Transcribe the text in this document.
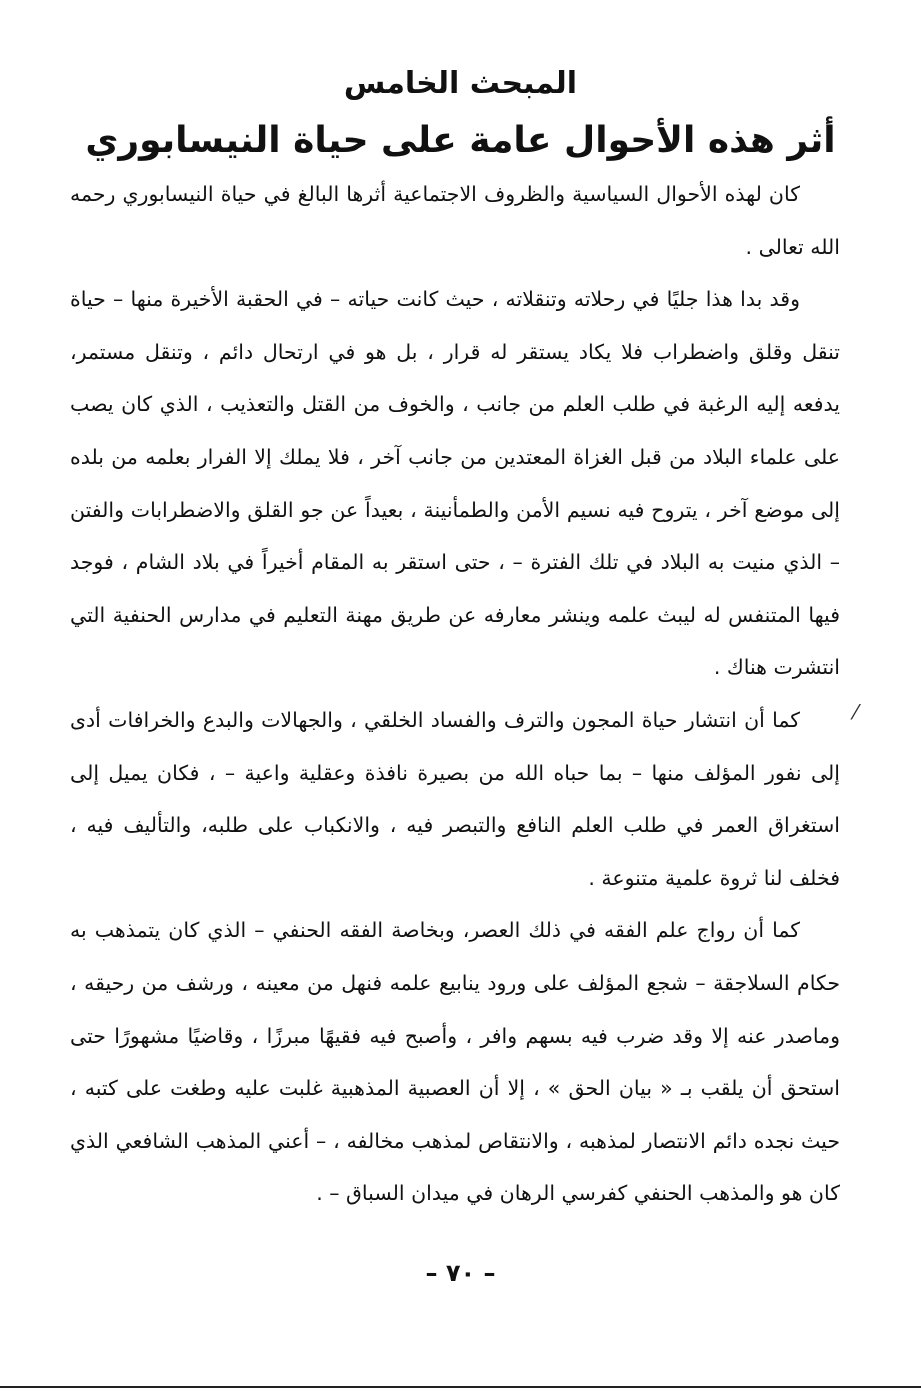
المبحث الخامس
أثر هذه الأحوال عامة على حياة النيسابوري

كان لهذه الأحوال السياسية والظروف الاجتماعية أثرها البالغ في حياة النيسابوري رحمه الله تعالى .

وقد بدا هذا جليًا في رحلاته وتنقلاته ، حيث كانت حياته – في الحقبة الأخيرة منها – حياة تنقل وقلق واضطراب فلا يكاد يستقر له قرار ، بل هو في ارتحال دائم ، وتنقل مستمر، يدفعه إليه الرغبة في طلب العلم من جانب ، والخوف من القتل والتعذيب ، الذي كان يصب على علماء البلاد من قبل الغزاة المعتدين من جانب آخر ، فلا يملك إلا الفرار بعلمه من بلده إلى موضع آخر ، يتروح فيه نسيم الأمن والطمأنينة ، بعيداً عن جو القلق والاضطرابات والفتن – الذي منيت به البلاد في تلك الفترة – ، حتى استقر به المقام أخيراً في بلاد الشام ، فوجد فيها المتنفس له ليبث علمه وينشر معارفه عن طريق مهنة التعليم في مدارس الحنفية التي انتشرت هناك .

كما أن انتشار حياة المجون والترف والفساد الخلقي ، والجهالات والبدع والخرافات أدى إلى نفور المؤلف منها – بما حباه الله من بصيرة نافذة وعقلية واعية – ، فكان يميل إلى استغراق العمر في طلب العلم النافع والتبصر فيه ، والانكباب على طلبه، والتأليف فيه ، فخلف لنا ثروة علمية متنوعة .

كما أن رواج علم الفقه في ذلك العصر، وبخاصة الفقه الحنفي – الذي كان يتمذهب به حكام السلاجقة – شجع المؤلف على ورود ينابيع علمه فنهل من معينه ، ورشف من رحيقه ، وماصدر عنه إلا وقد ضرب فيه بسهم وافر ، وأصبح فيه فقيهًا مبرزًا ، وقاضيًا مشهورًا حتى استحق أن يلقب بـ « بيان الحق » ، إلا أن العصبية المذهبية غلبت عليه وطغت على كتبه ، حيث نجده دائم الانتصار لمذهبه ، والانتقاص لمذهب مخالفه ، – أعني المذهب الشافعي الذي كان هو والمذهب الحنفي كفرسي الرهان في ميدان السباق – .

⁄
– ٧٠ –
